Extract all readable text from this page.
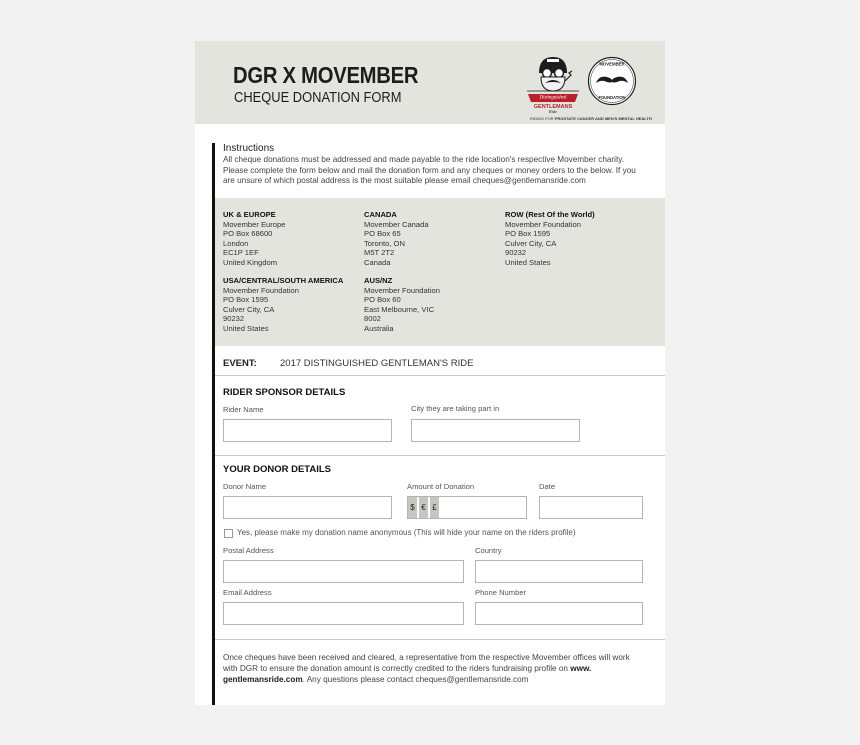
DGR X MOVEMBER
CHEQUE DONATION FORM	Distinguished
GENTLEMANS
Ride
MOVEMBER
FOUNDATION
RIDING FOR PROSTATE CANCER AND MEN'S MENTAL HEALTH
Instructions
All cheque donations must be addressed and made payable to the ride location's respective Movember charity. Please complete the form below and mail the donation form and any cheques or money orders to the below. If you are unsure of which postal address is the most suitable please email cheques@gentlemansride.com
UK & EUROPE
Movember Europe
PO Box 68600
London
EC1P 1EF
United Kingdom
CANADA
Movember Canada
PO Box 65
Toronto, ON
M5T 2T2
Canada
ROW (Rest Of the World)
Movember Foundation
PO Box 1595
Culver City, CA
90232
United States
USA/CENTRAL/SOUTH AMERICA
Movember Foundation
PO Box 1595
Culver City, CA
90232
United States
AUS/NZ
Movember Foundation
PO Box 60
East Melbourne, VIC
8002
Australia
EVENT: 2017 DISTINGUISHED GENTLEMAN'S RIDE
RIDER SPONSOR DETAILS
Rider Name	City they are taking part in
YOUR DONOR DETAILS
Donor Name	Amount of Donation
$ € £
Date
Yes, please make my donation name anonymous (This will hide your name on the riders profile)
Postal Address	Country
Email Address	Phone Number
Once cheques have been received and cleared, a representative from the respective Movember offices will work with DGR to ensure the donation amount is correctly credited to the riders fundraising profile on www. gentlemansride.com. Any questions please contact cheques@gentlemansride.com
